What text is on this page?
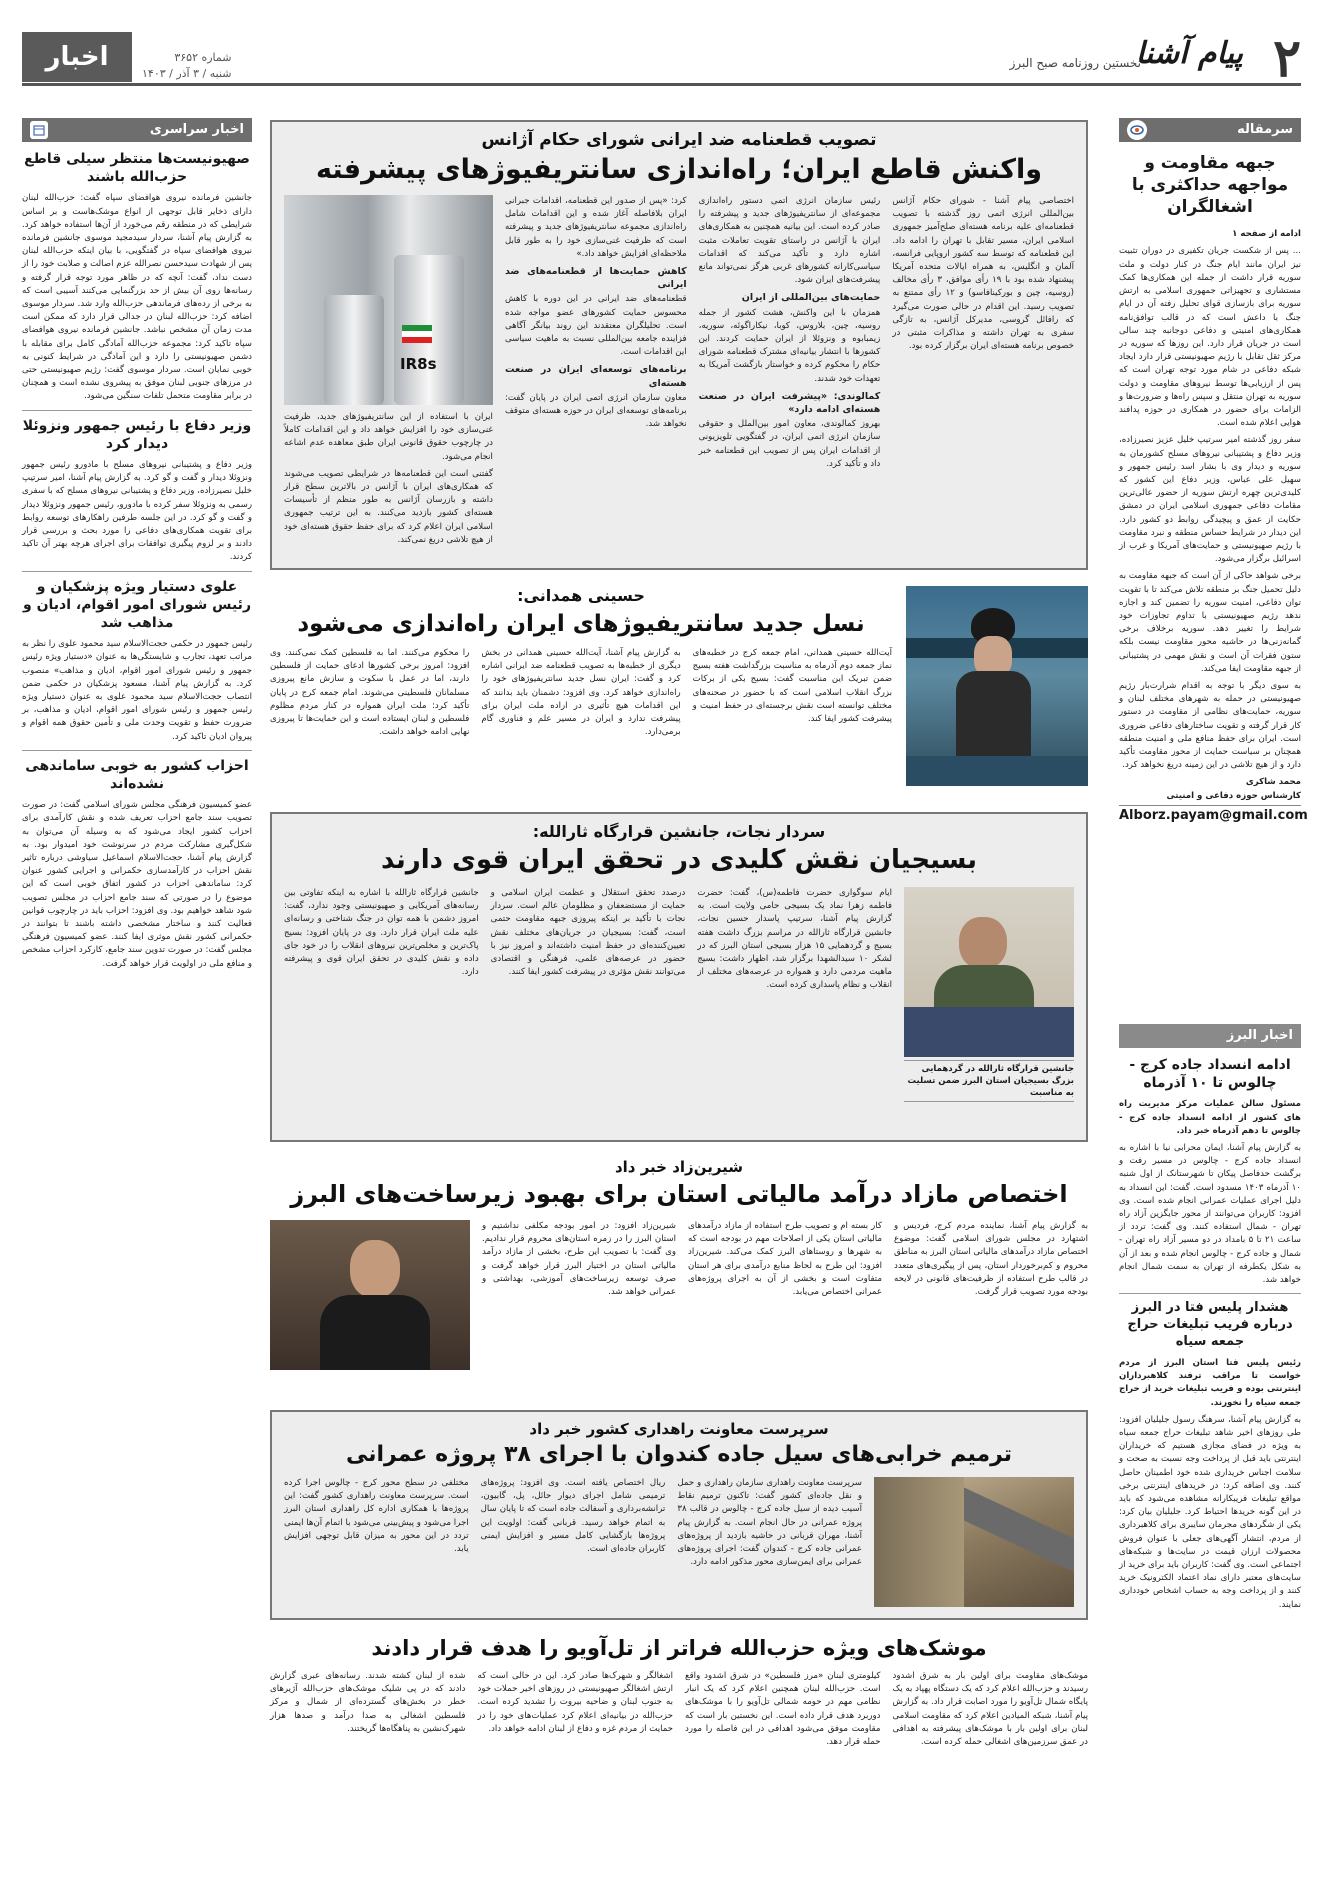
۲
پیام آشنا
نخستین روزنامه صبح البرز
شماره ۳۶۵۲
شنبه / ۳ آذر / ۱۴۰۳
اخبار
سرمقاله
جبهه مقاومت و مواجهه حداکثری با اشغالگران

ادامه از صفحه ۱

... پس از شکست جریان تکفیری در دوران تثبیت نیز ایران مانند ایام جنگ در کنار دولت و ملت سوریه قرار داشت از جمله این همکاری‌ها کمک مستشاری و تجهیزاتی جمهوری اسلامی به ارتش سوریه برای بازسازی قوای تحلیل رفته آن در ایام جنگ با داعش است که در قالب توافق‌نامه همکاری‌های امنیتی و دفاعی دوجانبه چند سالی است در جریان قرار دارد. این روزها که سوریه در مرکز ثقل تقابل با رژیم صهیونیستی قرار دارد ایجاد شبکه دفاعی در شام مورد توجه تهران است که پس از ارزیابی‌ها توسط نیروهای مقاومت و دولت سوریه به تهران منتقل و سپس راه‌ها و ضرورت‌ها و الزامات برای حضور در همکاری در حوزه پدافند هوایی اعلام شده است.

سفر روز گذشته امیر سرتیپ خلیل عزیز نصیرزاده، وزیر دفاع و پشتیبانی نیروهای مسلح کشورمان به سوریه و دیدار وی با بشار اسد رئیس جمهور و سهیل علی عباس، وزیر دفاع این کشور که کلیدی‌ترین چهره ارتش سوریه از حضور عالی‌ترین مقامات دفاعی جمهوری اسلامی ایران در دمشق حکایت از عمق و پیچیدگی روابط دو کشور دارد. این دیدار در شرایط حساس منطقه و نبرد مقاومت با رژیم صهیونیستی و حمایت‌های آمریکا و غرب از اسرائیل برگزار می‌شود.

برخی شواهد حاکی از آن است که جبهه مقاومت به دلیل تحمیل جنگ بر منطقه تلاش می‌کند تا با تقویت توان دفاعی، امنیت سوریه را تضمین کند و اجازه ندهد رژیم صهیونیستی با تداوم تجاوزات خود شرایط را تغییر دهد. سوریه برخلاف برخی گمانه‌زنی‌ها در حاشیه محور مقاومت نیست بلکه ستون فقرات آن است و نقش مهمی در پشتیبانی از جبهه مقاومت ایفا می‌کند.

به سوی دیگر با توجه به اقدام شرارت‌بار رژیم صهیونیستی در حمله به شهرهای مختلف لبنان و سوریه، حمایت‌های نظامی از مقاومت در دستور کار قرار گرفته و تقویت ساختارهای دفاعی ضروری است. ایران برای حفظ منافع ملی و امنیت منطقه همچنان بر سیاست حمایت از محور مقاومت تأکید دارد و از هیچ تلاشی در این زمینه دریغ نخواهد کرد.

محمد شاکری

کارشناس حوزه دفاعی و امنیتی

Alborz.payam@gmail.com
اخبار البرز
ادامه انسداد جاده کرج - چالوس تا ۱۰ آذرماه

مسئول سالن عملیات مرکز مدیریت راه های کشور از ادامه انسداد جاده کرج - چالوس تا دهم آذرماه خبر داد.

به گزارش پیام آشنا، ایمان محرابی نیا با اشاره به انسداد جاده کرج - چالوس در مسیر رفت و برگشت حدفاصل پیکان تا شهرستانک از اول شنبه ۱۰ آذرماه ۱۴۰۳ مسدود است. گفت: این انسداد به دلیل اجرای عملیات عمرانی انجام شده است. وی افزود: کاربران می‌توانند از محور جایگزین آزاد راه تهران - شمال استفاده کنند. وی گفت: تردد از ساعت ۲۱ تا ۵ بامداد در دو مسیر آزاد راه تهران - شمال و جاده کرج - چالوس انجام شده و بعد از آن به شکل یکطرفه از تهران به سمت شمال انجام خواهد شد.

هشدار پلیس فتا در البرز درباره فریب تبلیغات حراج جمعه سیاه

رئیس پلیس فتا استان البرز از مردم خواست تا مراقب ترفند کلاهبرداران اینترنتی بوده و فریب تبلیغات خرید از حراج جمعه سیاه را نخورند.

به گزارش پیام آشنا، سرهنگ رسول جلیلیان افزود: طی روزهای اخیر شاهد تبلیغات حراج جمعه سیاه به ویژه در فضای مجازی هستیم که خریداران اینترنتی باید قبل از پرداخت وجه نسبت به صحت و سلامت اجناس خریداری شده خود اطمینان حاصل کنند. وی اضافه کرد: در خریدهای اینترنتی برخی مواقع تبلیغات فریبکارانه مشاهده می‌شود که باید در این گونه خریدها احتیاط کرد. جلیلیان بیان کرد: یکی از شگردهای مجرمان سایبری برای کلاهبرداری از مردم، انتشار آگهی‌های جعلی با عنوان فروش محصولات ارزان قیمت در سایت‌ها و شبکه‌های اجتماعی است. وی گفت: کاربران باید برای خرید از سایت‌های معتبر دارای نماد اعتماد الکترونیک خرید کنند و از پرداخت وجه به حساب اشخاص خودداری نمایند.

اخبار سراسری
صهیونیست‌ها منتظر سیلی قاطع حزب‌الله باشند
جانشین فرمانده نیروی هوافضای سپاه گفت: حزب‌الله لبنان دارای ذخایر قابل توجهی از انواع موشک‌هاست و بر اساس شرایطی که در منطقه رقم می‌خورد از آن‌ها استفاده خواهد کرد. به گزارش پیام آشنا، سردار سیدمجید موسوی جانشین فرمانده نیروی هوافضای سپاه در گفتگویی، با بیان اینکه حزب‌الله لبنان پس از شهادت سیدحسن نصرالله عزم اصالت و صلابت خود را از دست نداد، گفت: آنچه که در ظاهر مورد توجه قرار گرفته و رسانه‌ها روی آن بیش از حد بزرگنمایی می‌کنند آسیبی است که به برخی از رده‌های فرماندهی حزب‌الله وارد شد. سردار موسوی اضافه کرد: حزب‌الله لبنان در جدالی قرار دارد که ممکن است مدت زمان آن مشخص نباشد. جانشین فرمانده نیروی هوافضای سپاه تاکید کرد: مجموعه حزب‌الله آمادگی کامل برای مقابله با دشمن صهیونیستی را دارد و این آمادگی در شرایط کنونی به خوبی نمایان است. سردار موسوی گفت: رژیم صهیونیستی حتی در مرزهای جنوبی لبنان موفق به پیشروی نشده است و همچنان در برابر مقاومت متحمل تلفات سنگین می‌شود.
وزیر دفاع با رئیس جمهور ونزوئلا دیدار کرد
وزیر دفاع و پشتیبانی نیروهای مسلح با مادورو رئیس جمهور ونزوئلا دیدار و گفت و گو کرد. به گزارش پیام آشنا، امیر سرتیپ خلیل نصیرزاده، وزیر دفاع و پشتیبانی نیروهای مسلح که با سفری رسمی به ونزوئلا سفر کرده با مادورو، رئیس جمهور ونزوئلا دیدار و گفت و گو کرد. در این جلسه طرفین راهکارهای توسعه روابط برای تقویت همکاری‌های دفاعی را مورد بحث و بررسی قرار دادند و بر لزوم پیگیری توافقات برای اجرای هرچه بهتر آن تاکید کردند.
علوی دستیار ویژه پزشکیان و رئیس شورای امور اقوام، ادیان و مذاهب شد
رئیس جمهور در حکمی حجت‌الاسلام سید محمود علوی را نظر به مراتب تعهد، تجارب و شایستگی‌ها به عنوان «دستیار ویژه رئیس جمهور و رئیس شورای امور اقوام، ادیان و مذاهب» منصوب کرد. به گزارش پیام آشنا، مسعود پزشکیان در حکمی ضمن انتصاب حجت‌الاسلام سید محمود علوی به عنوان دستیار ویژه رئیس جمهور و رئیس شورای امور اقوام، ادیان و مذاهب، بر ضرورت حفظ و تقویت وحدت ملی و تأمین حقوق همه اقوام و پیروان ادیان تاکید کرد.
احزاب کشور به خوبی ساماندهی نشده‌اند
عضو کمیسیون فرهنگی مجلس شورای اسلامی گفت: در صورت تصویب سند جامع احزاب تعریف شده و نقش کارآمدی برای احزاب کشور ایجاد می‌شود که به وسیله آن می‌توان به شکل‌گیری مشارکت مردم در سرنوشت خود امیدوار بود. به گزارش پیام آشنا، حجت‌الاسلام اسماعیل سیاوشی درباره تاثیر نقش احزاب در کارآمدسازی حکمرانی و اجرایی کشور عنوان کرد: ساماندهی احزاب در کشور اتفاق خوبی است که این موضوع را در صورتی که سند جامع احزاب در مجلس تصویب شود شاهد خواهیم بود. وی افزود: احزاب باید در چارچوب قوانین فعالیت کنند و ساختار مشخصی داشته باشند تا بتوانند در حکمرانی کشور نقش موثری ایفا کنند. عضو کمیسیون فرهنگی مجلس گفت: در صورت تدوین سند جامع، کارکرد احزاب مشخص و منافع ملی در اولویت قرار خواهد گرفت.
تصویب قطعنامه ضد ایرانی شورای حکام آژانس
واکنش قاطع ایران؛ راه‌اندازی سانتریفیوژهای پیشرفته
اختصاصی پیام آشنا - شورای حکام آژانس بین‌المللی انرژی اتمی روز گذشته با تصویب قطعنامه‌ای علیه برنامه هسته‌ای صلح‌آمیز جمهوری اسلامی ایران، مسیر تقابل با تهران را ادامه داد. این قطعنامه که توسط سه کشور اروپایی فرانسه، آلمان و انگلیس، به همراه ایالات متحده آمریکا پیشنهاد شده بود با ۱۹ رأی موافق، ۳ رأی مخالف (روسیه، چین و بورکینافاسو) و ۱۲ رأی ممتنع به تصویب رسید. این اقدام در حالی صورت می‌گیرد که رافائل گروسی، مدیرکل آژانس، به تازگی سفری به تهران داشته و مذاکرات مثبتی در خصوص برنامه هسته‌ای ایران برگزار کرده بود.

رئیس سازمان انرژی اتمی دستور راه‌اندازی مجموعه‌ای از سانتریفیوژهای جدید و پیشرفته را صادر کرده است. این بیانیه همچنین به همکاری‌های ایران با آژانس در راستای تقویت تعاملات مثبت اشاره دارد و تأکید می‌کند که اقدامات سیاسی‌کارانه کشورهای غربی هرگز نمی‌تواند مانع پیشرفت‌های ایران شود.

حمایت‌های بین‌المللی از ایران

همزمان با این واکنش، هشت کشور از جمله روسیه، چین، بلاروس، کوبا، نیکاراگوئه، سوریه، زیمبابوه و ونزوئلا از ایران حمایت کردند. این کشورها با انتشار بیانیه‌ای مشترک قطعنامه شورای حکام را محکوم کرده و خواستار بازگشت آمریکا به تعهدات خود شدند.

کمالوندی: «پیشرفت ایران در صنعت هسته‌ای ادامه دارد»

بهروز کمالوندی، معاون امور بین‌الملل و حقوقی سازمان انرژی اتمی ایران، در گفتگویی تلویزیونی از اقدامات ایران پس از تصویب این قطعنامه خبر داد و تأکید کرد.

کرد: «پس از صدور این قطعنامه، اقدامات جبرانی ایران بلافاصله آغاز شده و این اقدامات شامل راه‌اندازی مجموعه سانتریفیوژهای جدید و پیشرفته است که ظرفیت غنی‌سازی خود را به طور قابل ملاحظه‌ای افزایش خواهد داد.»

کاهش حمایت‌ها از قطعنامه‌های ضد ایرانی

قطعنامه‌های ضد ایرانی در این دوره با کاهش محسوس حمایت کشورهای عضو مواجه شده است. تحلیلگران معتقدند این روند بیانگر آگاهی فزاینده جامعه بین‌المللی نسبت به ماهیت سیاسی این اقدامات است.

برنامه‌های توسعه‌ای ایران در صنعت هسته‌ای

معاون سازمان انرژی اتمی ایران در پایان گفت: برنامه‌های توسعه‌ای ایران در حوزه هسته‌ای متوقف نخواهد شد.

IR8s

ایران با استفاده از این سانتریفیوژهای جدید، ظرفیت غنی‌سازی خود را افزایش خواهد داد و این اقدامات کاملاً در چارچوب حقوق قانونی ایران طبق معاهده عدم اشاعه انجام می‌شود.

گفتنی است این قطعنامه‌ها در شرایطی تصویب می‌شوند که همکاری‌های ایران با آژانس در بالاترین سطح قرار داشته و بازرسان آژانس به طور منظم از تأسیسات هسته‌ای کشور بازدید می‌کنند. به این ترتیب جمهوری اسلامی ایران اعلام کرد که برای حفظ حقوق هسته‌ای خود از هیچ تلاشی دریغ نمی‌کند.

حسینی همدانی:
نسل جدید سانتریفیوژهای ایران راه‌اندازی می‌شود
آیت‌الله حسینی همدانی، امام جمعه کرج در خطبه‌های نماز جمعه دوم آذرماه به مناسبت بزرگداشت هفته بسیج ضمن تبریک این مناسبت گفت: بسیج یکی از برکات بزرگ انقلاب اسلامی است که با حضور در صحنه‌های مختلف توانسته است نقش برجسته‌ای در حفظ امنیت و پیشرفت کشور ایفا کند.
به گزارش پیام آشنا، آیت‌الله حسینی همدانی در بخش دیگری از خطبه‌ها به تصویب قطعنامه ضد ایرانی اشاره کرد و گفت: ایران نسل جدید سانتریفیوژهای خود را راه‌اندازی خواهد کرد. وی افزود: دشمنان باید بدانند که این اقدامات هیچ تأثیری در اراده ملت ایران برای پیشرفت ندارد و ایران در مسیر علم و فناوری گام برمی‌دارد.
را محکوم می‌کنند. اما به فلسطین کمک نمی‌کنند. وی افزود: امروز برخی کشورها ادعای حمایت از فلسطین دارند، اما در عمل با سکوت و سازش مانع پیروزی مسلمانان فلسطینی می‌شوند. امام جمعه کرج در پایان تأکید کرد: ملت ایران همواره در کنار مردم مظلوم فلسطین و لبنان ایستاده است و این حمایت‌ها تا پیروزی نهایی ادامه خواهد داشت.
سردار نجات، جانشین قرارگاه ثارالله:
بسیجیان نقش کلیدی در تحقق ایران قوی دارند
جانشین قرارگاه ثارالله در گردهمایی بزرگ بسیجیان استان البرز ضمن تسلیت به مناسبت

ایام سوگواری حضرت فاطمه(س)، گفت: حضرت فاطمه زهرا نماد یک بسیجی حامی ولایت است. به گزارش پیام آشنا، سرتیپ پاسدار حسین نجات، جانشین قرارگاه ثارالله در مراسم بزرگ داشت هفته بسیج و گردهمایی ۱۵ هزار بسیجی استان البرز که در لشکر ۱۰ سیدالشهدا برگزار شد، اظهار داشت: بسیج ماهیت مردمی دارد و همواره در عرصه‌های مختلف از انقلاب و نظام پاسداری کرده است.

درصدد تحقق استقلال و عظمت ایران اسلامی و حمایت از مستضعفان و مظلومان عالم است. سردار نجات با تأکید بر اینکه پیروزی جبهه مقاومت حتمی است، گفت: بسیجیان در جریان‌های مختلف نقش تعیین‌کننده‌ای در حفظ امنیت داشته‌اند و امروز نیز با حضور در عرصه‌های علمی، فرهنگی و اقتصادی می‌توانند نقش مؤثری در پیشرفت کشور ایفا کنند.
جانشین قرارگاه ثارالله با اشاره به اینکه تفاوتی بین رسانه‌های آمریکایی و صهیونیستی وجود ندارد، گفت: امروز دشمن با همه توان در جنگ شناختی و رسانه‌ای علیه ملت ایران قرار دارد. وی در پایان افزود: بسیج پاک‌ترین و مخلص‌ترین نیروهای انقلاب را در خود جای داده و نقش کلیدی در تحقق ایران قوی و پیشرفته دارد.
شیرین‌زاد خبر داد
اختصاص مازاد درآمد مالیاتی استان برای بهبود زیرساخت‌های البرز
به گزارش پیام آشنا، نماینده مردم کرج، فردیس و اشتهارد در مجلس شورای اسلامی گفت: موضوع اختصاص مازاد درآمدهای مالیاتی استان البرز به مناطق محروم و کم‌برخوردار استان، پس از پیگیری‌های متعدد در قالب طرح استفاده از ظرفیت‌های قانونی در لایحه بودجه مورد تصویب قرار گرفت.
کار بسته ام و تصویب طرح استفاده از مازاد درآمدهای مالیاتی استان یکی از اصلاحات مهم در بودجه است که به شهرها و روستاهای البرز کمک می‌کند. شیرین‌زاد افزود: این طرح به لحاظ منابع درآمدی برای هر استان متفاوت است و بخشی از آن به اجرای پروژه‌های عمرانی اختصاص می‌یابد.
شیرین‌زاد افزود: در امور بودجه مکلفی نداشتیم و استان البرز را در زمره استان‌های محروم قرار ندادیم. وی گفت: با تصویب این طرح، بخشی از مازاد درآمد مالیاتی استان در اختیار البرز قرار خواهد گرفت و صرف توسعه زیرساخت‌های آموزشی، بهداشتی و عمرانی خواهد شد.
سرپرست معاونت راهداری کشور خبر داد
ترمیم خرابی‌های سیل جاده کندوان با اجرای ۳۸ پروژه عمرانی
سرپرست معاونت راهداری سازمان راهداری و حمل و نقل جاده‌ای کشور گفت: تاکنون ترمیم نقاط آسیب دیده از سیل جاده کرج - چالوس در قالب ۳۸ پروژه عمرانی در حال انجام است. به گزارش پیام آشنا، مهران قربانی در حاشیه بازدید از پروژه‌های عمرانی جاده کرج - کندوان گفت: اجرای پروژه‌های عمرانی برای ایمن‌سازی محور مذکور ادامه دارد.
ریال اختصاص یافته است. وی افزود: پروژه‌های ترمیمی شامل اجرای دیوار حائل، پل، گابیون، ترانشه‌برداری و آسفالت جاده است که تا پایان سال به اتمام خواهد رسید. قربانی گفت: اولویت این پروژه‌ها بازگشایی کامل مسیر و افزایش ایمنی کاربران جاده‌ای است.
مختلفی در سطح محور کرج - چالوس اجرا کرده است. سرپرست معاونت راهداری کشور گفت: این پروژه‌ها با همکاری اداره کل راهداری استان البرز اجرا می‌شود و پیش‌بینی می‌شود با اتمام آن‌ها ایمنی تردد در این محور به میزان قابل توجهی افزایش یابد.
موشک‌های ویژه حزب‌الله فراتر از تل‌آویو را هدف قرار دادند
موشک‌های مقاومت برای اولین بار به شرق اشدود رسیدند و حزب‌الله اعلام کرد که یک دستگاه پهپاد به یک پایگاه شمال تل‌آویو را مورد اصابت قرار داد. به گزارش پیام آشنا، شبکه المیادین اعلام کرد که مقاومت اسلامی لبنان برای اولین بار با موشک‌های پیشرفته به اهدافی در عمق سرزمین‌های اشغالی حمله کرده است.
کیلومتری لبنان «مرز فلسطین» در شرق اشدود واقع است. حزب‌الله لبنان همچنین اعلام کرد که یک انبار نظامی مهم در حومه شمالی تل‌آویو را با موشک‌های دوربرد هدف قرار داده است. این نخستین بار است که مقاومت موفق می‌شود اهدافی در این فاصله را مورد حمله قرار دهد.
اشغالگر و شهرک‌ها صادر کرد. این در حالی است که ارتش اشغالگر صهیونیستی در روزهای اخیر حملات خود به جنوب لبنان و ضاحیه بیروت را تشدید کرده است. حزب‌الله در بیانیه‌ای اعلام کرد عملیات‌های خود را در حمایت از مردم غزه و دفاع از لبنان ادامه خواهد داد.
شده از لبنان کشته شدند. رسانه‌های عبری گزارش دادند که در پی شلیک موشک‌های حزب‌الله آژیرهای خطر در بخش‌های گسترده‌ای از شمال و مرکز فلسطین اشغالی به صدا درآمد و صدها هزار شهرک‌نشین به پناهگاه‌ها گریختند.
